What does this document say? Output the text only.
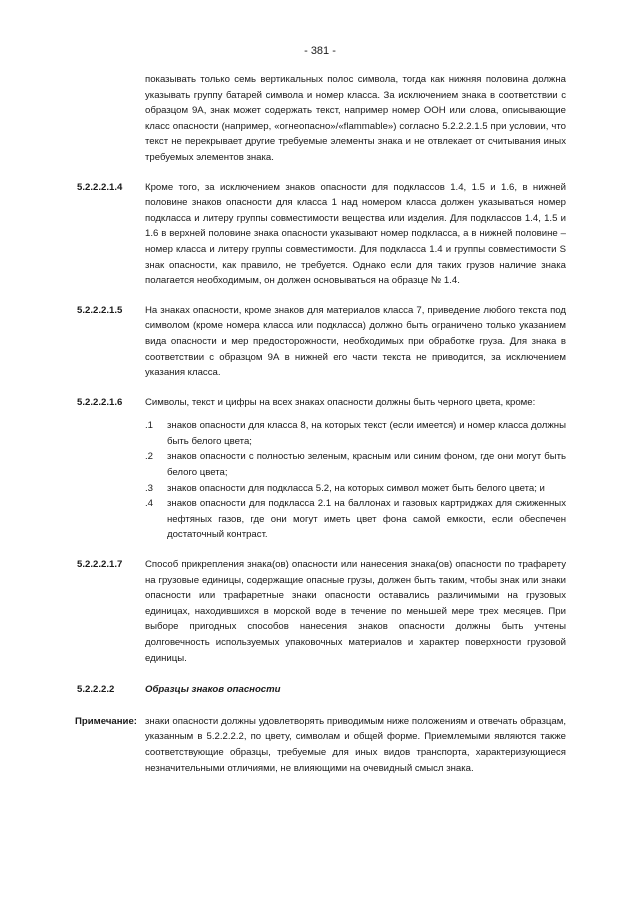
- 381 -
показывать только семь вертикальных полос символа, тогда как нижняя половина должна указывать группу батарей символа и номер класса. За исключением знака в соответствии с образцом 9А, знак может содержать текст, например номер ООН или слова, описывающие класс опасности (например, «огнеопасно»/«flammable») согласно 5.2.2.2.1.5 при условии, что текст не перекрывает другие требуемые элементы знака и не отвлекает от считывания иных требуемых элементов знака.
5.2.2.2.1.4 Кроме того, за исключением знаков опасности для подклассов 1.4, 1.5 и 1.6, в нижней половине знаков опасности для класса 1 над номером класса должен указываться номер подкласса и литеру группы совместимости вещества или изделия. Для подклассов 1.4, 1.5 и 1.6 в верхней половине знака опасности указывают номер подкласса, а в нижней половине – номер класса и литеру группы совместимости. Для подкласса 1.4 и группы совместимости S знак опасности, как правило, не требуется. Однако если для таких грузов наличие знака полагается необходимым, он должен основываться на образце № 1.4.
5.2.2.2.1.5 На знаках опасности, кроме знаков для материалов класса 7, приведение любого текста под символом (кроме номера класса или подкласса) должно быть ограничено только указанием вида опасности и мер предосторожности, необходимых при обработке груза. Для знака в соответствии с образцом 9А в нижней его части текста не приводится, за исключением указания класса.
5.2.2.2.1.6 Символы, текст и цифры на всех знаках опасности должны быть черного цвета, кроме:
.1 знаков опасности для класса 8, на которых текст (если имеется) и номер класса должны быть белого цвета;
.2 знаков опасности с полностью зеленым, красным или синим фоном, где они могут быть белого цвета;
.3 знаков опасности для подкласса 5.2, на которых символ может быть белого цвета; и
.4 знаков опасности для подкласса 2.1 на баллонах и газовых картриджах для сжиженных нефтяных газов, где они могут иметь цвет фона самой емкости, если обеспечен достаточный контраст.
5.2.2.2.1.7 Способ прикрепления знака(ов) опасности или нанесения знака(ов) опасности по трафарету на грузовые единицы, содержащие опасные грузы, должен быть таким, чтобы знак или знаки опасности или трафаретные знаки опасности оставались различимыми на грузовых единицах, находившихся в морской воде в течение по меньшей мере трех месяцев. При выборе пригодных способов нанесения знаков опасности должны быть учтены долговечность используемых упаковочных материалов и характер поверхности грузовой единицы.
5.2.2.2.2	Образцы знаков опасности
Примечание: знаки опасности должны удовлетворять приводимым ниже положениям и отвечать образцам, указанным в 5.2.2.2.2, по цвету, символам и общей форме. Приемлемыми являются также соответствующие образцы, требуемые для иных видов транспорта, характеризующиеся незначительными отличиями, не влияющими на очевидный смысл знака.
